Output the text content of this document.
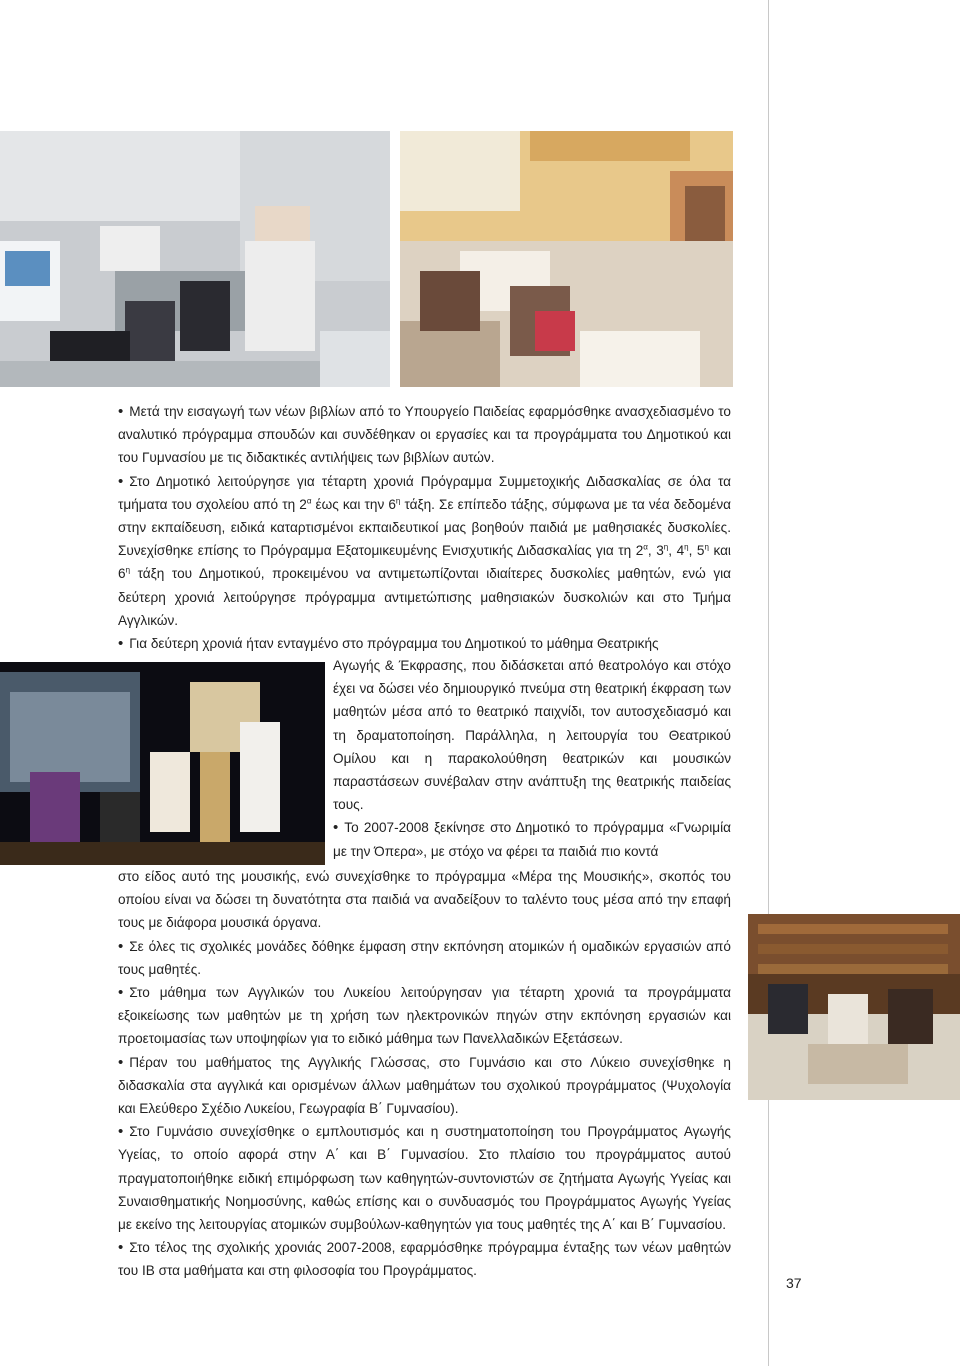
• Μετά την εισαγωγή των νέων βιβλίων από το Υπουργείο Παιδείας εφαρμόσθηκε ανασχεδιασμένο το αναλυτικό πρόγραμμα σπουδών και συνδέθηκαν οι εργασίες και τα προγράμματα του Δημοτικού και του Γυμνασίου με τις διδακτικές αντιλήψεις των βιβλίων αυτών.

• Στο Δημοτικό λειτούργησε για τέταρτη χρονιά Πρόγραμμα Συμμετοχικής Διδασκαλίας σε όλα τα τμήματα του σχολείου από τη $2^\alpha$ έως και την $6^\eta$ τάξη. Σε επίπεδο τάξης, σύμφωνα με τα νέα δεδομένα στην εκπαίδευση, ειδικά καταρτισμένοι εκπαιδευτικοί μας βοηθούν παιδιά με μαθησιακές δυσκολίες. Συνεχίσθηκε επίσης το Πρόγραμμα Εξατομικευμένης Ενισχυτικής Διδασκαλίας για τη $2^\alpha$, $3^\eta$, $4^\eta$, $5^\eta$ και $6^\eta$ τάξη του Δημοτικού, προκειμένου να αντιμετωπίζονται ιδιαίτερες δυσκολίες μαθητών, ενώ για δεύτερη χρονιά λειτούργησε πρόγραμμα αντιμετώπισης μαθησιακών δυσκολιών και στο Τμήμα Αγγλικών.

• Για δεύτερη χρονιά ήταν ενταγμένο στο πρόγραμμα του Δημοτικού το μάθημα Θεατρικής

Αγωγής & Έκφρασης, που διδάσκεται από θεατρολόγο και στόχο έχει να δώσει νέο δημιουργικό πνεύμα στη θεατρική έκφραση των μαθητών μέσα από το θεατρικό παιχνίδι, τον αυτοσχεδιασμό και τη δραματοποίηση. Παράλληλα, η λειτουργία του Θεατρικού Ομίλου και η παρακολούθηση θεατρικών και μουσικών παραστάσεων συνέβαλαν στην ανάπτυξη της θεατρικής παιδείας τους.

• Το 2007-2008 ξεκίνησε στο Δημοτικό το πρόγραμμα «Γνωριμία με την Όπερα», με στόχο να φέρει τα παιδιά πιο κοντά

στο είδος αυτό της μουσικής, ενώ συνεχίσθηκε το πρόγραμμα «Μέρα της Μουσικής», σκοπός του οποίου είναι να δώσει τη δυνατότητα στα παιδιά να αναδείξουν το ταλέντο τους μέσα από την επαφή τους με διάφορα μουσικά όργανα.

• Σε όλες τις σχολικές μονάδες δόθηκε έμφαση στην εκπόνηση ατομικών ή ομαδικών εργασιών από τους μαθητές.

• Στο μάθημα των Αγγλικών του Λυκείου λειτούργησαν για τέταρτη χρονιά τα προγράμματα εξοικείωσης των μαθητών με τη χρήση των ηλεκτρονικών πηγών στην εκπόνηση εργασιών και προετοιμασίας των υποψηφίων για το ειδικό μάθημα των Πανελλαδικών Εξετάσεων.

• Πέραν του μαθήματος της Αγγλικής Γλώσσας, στο Γυμνάσιο και στο Λύκειο συνεχίσθηκε η διδασκαλία στα αγγλικά και ορισμένων άλλων μαθημάτων του σχολικού προγράμματος (Ψυχολογία και Ελεύθερο Σχέδιο Λυκείου, Γεωγραφία Β΄ Γυμνασίου).

• Στο Γυμνάσιο συνεχίσθηκε ο εμπλουτισμός και η συστηματοποίηση του Προγράμματος Αγωγής Υγείας, το οποίο αφορά στην Α΄ και Β΄ Γυμνασίου. Στο πλαίσιο του προγράμματος αυτού πραγματοποιήθηκε ειδική επιμόρφωση των καθηγητών-συντονιστών σε ζητήματα Αγωγής Υγείας και Συναισθηματικής Νοημοσύνης, καθώς επίσης και ο συνδυασμός του Προγράμματος Αγωγής Υγείας με εκείνο της λειτουργίας ατομικών συμβούλων-καθηγητών για τους μαθητές της Α΄ και Β΄ Γυμνασίου.

• Στο τέλος της σχολικής χρονιάς 2007-2008, εφαρμόσθηκε πρόγραμμα ένταξης των νέων μαθητών του ΙΒ στα μαθήματα και στη φιλοσοφία του Προγράμματος.

37
